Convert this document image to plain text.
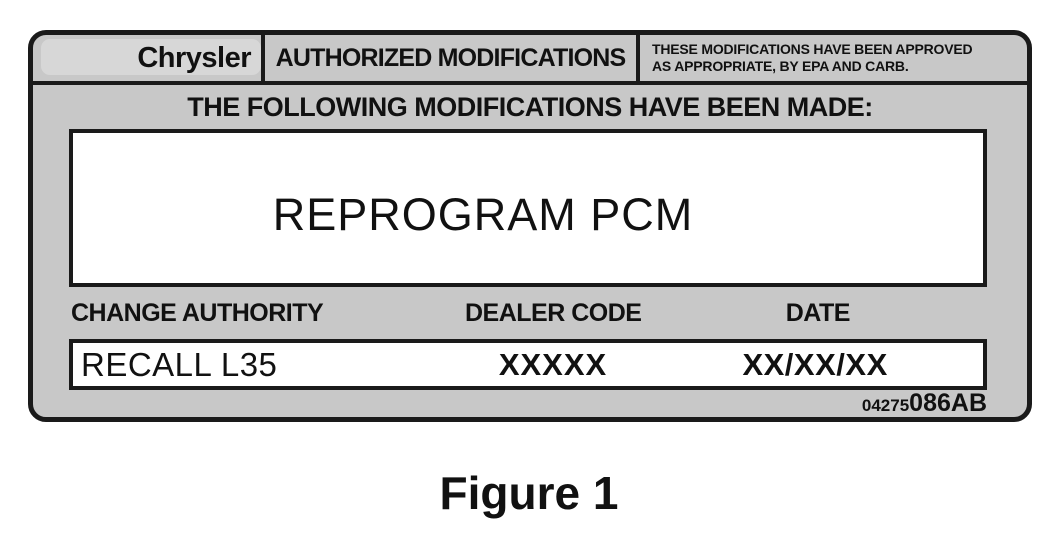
Chrysler AUTHORIZED MODIFICATIONS	THESE MODIFICATIONS HAVE BEEN APPROVED
AS APPROPRIATE, BY EPA AND CARB.
THE FOLLOWING MODIFICATIONS HAVE BEEN MADE:
REPROGRAM PCM
CHANGE AUTHORITY	DEALER CODE	DATE
RECALL L35	XXXXX	XX/XX/XX
04275086AB
Figure 1
